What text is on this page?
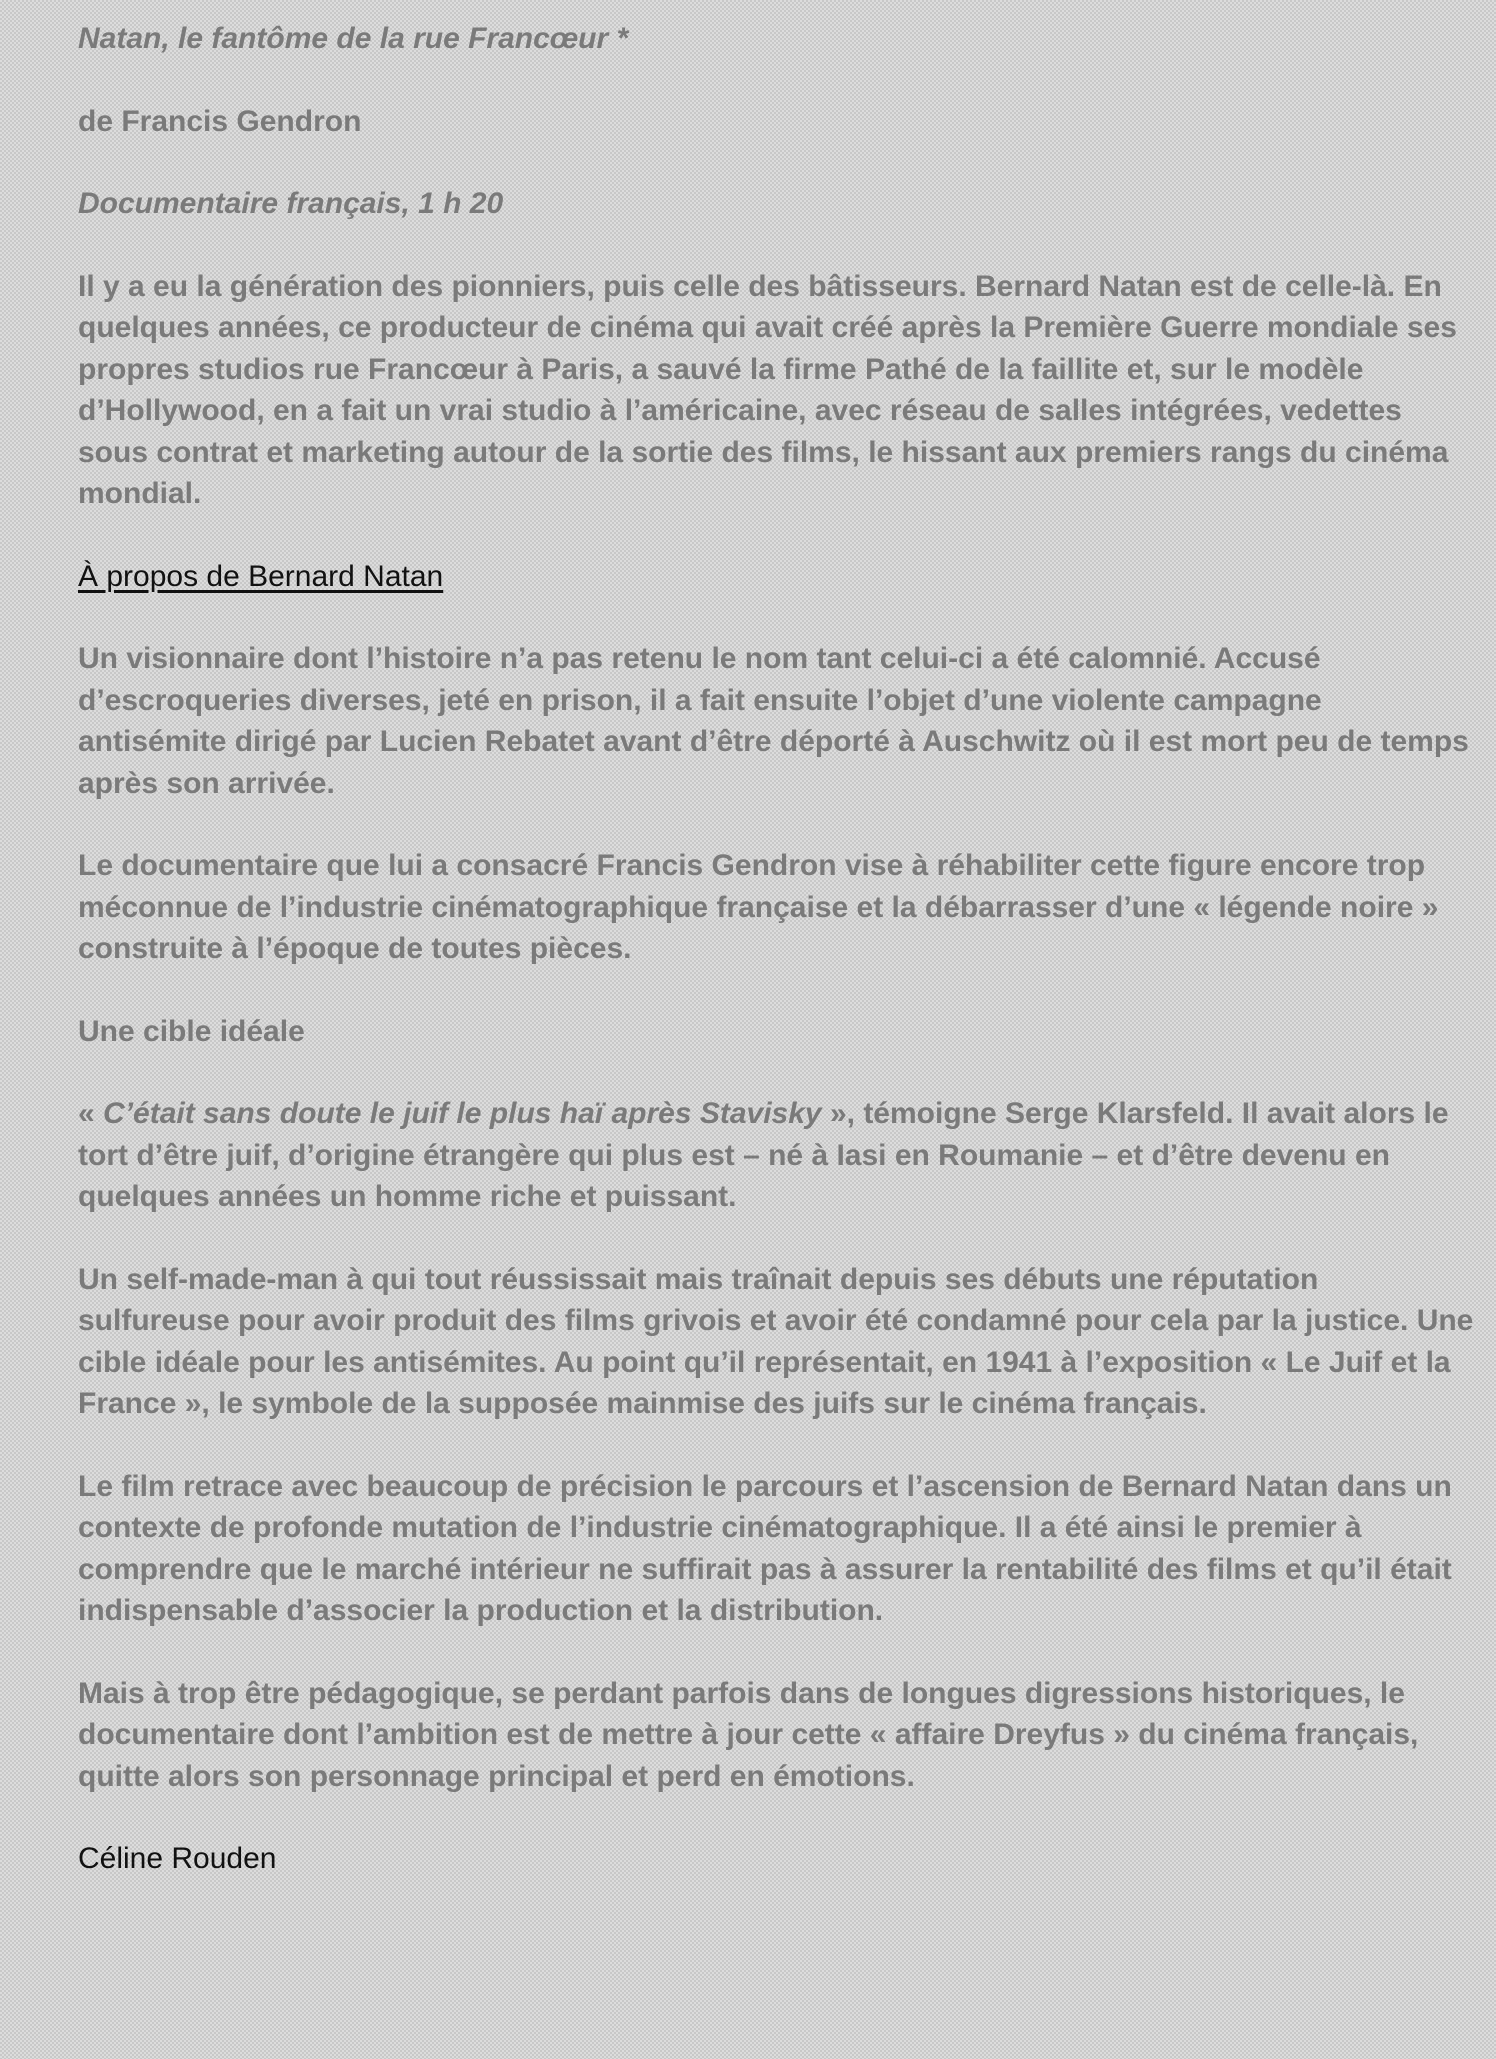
Natan, le fantôme de la rue Francœur *

de Francis Gendron

Documentaire français, 1 h 20

Il y a eu la génération des pionniers, puis celle des bâtisseurs. Bernard Natan est de celle-là. En quelques années, ce producteur de cinéma qui avait créé après la Première Guerre mondiale ses propres studios rue Francœur à Paris, a sauvé la firme Pathé de la faillite et, sur le modèle d’Hollywood, en a fait un vrai studio à l’américaine, avec réseau de salles intégrées, vedettes sous contrat et marketing autour de la sortie des films, le hissant aux premiers rangs du cinéma mondial.

À propos de Bernard Natan

Un visionnaire dont l’histoire n’a pas retenu le nom tant celui-ci a été calomnié. Accusé d’escroqueries diverses, jeté en prison, il a fait ensuite l’objet d’une violente campagne antisémite dirigé par Lucien Rebatet avant d’être déporté à Auschwitz où il est mort peu de temps après son arrivée.

Le documentaire que lui a consacré Francis Gendron vise à réhabiliter cette figure encore trop méconnue de l’industrie cinématographique française et la débarrasser d’une « légende noire » construite à l’époque de toutes pièces.

Une cible idéale

« C’était sans doute le juif le plus haï après Stavisky », témoigne Serge Klarsfeld. Il avait alors le tort d’être juif, d’origine étrangère qui plus est – né à Iasi en Roumanie – et d’être devenu en quelques années un homme riche et puissant.

Un self-made-man à qui tout réussissait mais traînait depuis ses débuts une réputation sulfureuse pour avoir produit des films grivois et avoir été condamné pour cela par la justice. Une cible idéale pour les antisémites. Au point qu’il représentait, en 1941 à l’exposition « Le Juif et la France », le symbole de la supposée mainmise des juifs sur le cinéma français.

Le film retrace avec beaucoup de précision le parcours et l’ascension de Bernard Natan dans un contexte de profonde mutation de l’industrie cinématographique. Il a été ainsi le premier à comprendre que le marché intérieur ne suffirait pas à assurer la rentabilité des films et qu’il était indispensable d’associer la production et la distribution.

Mais à trop être pédagogique, se perdant parfois dans de longues digressions historiques, le documentaire dont l’ambition est de mettre à jour cette « affaire Dreyfus » du cinéma français, quitte alors son personnage principal et perd en émotions.

Céline Rouden
